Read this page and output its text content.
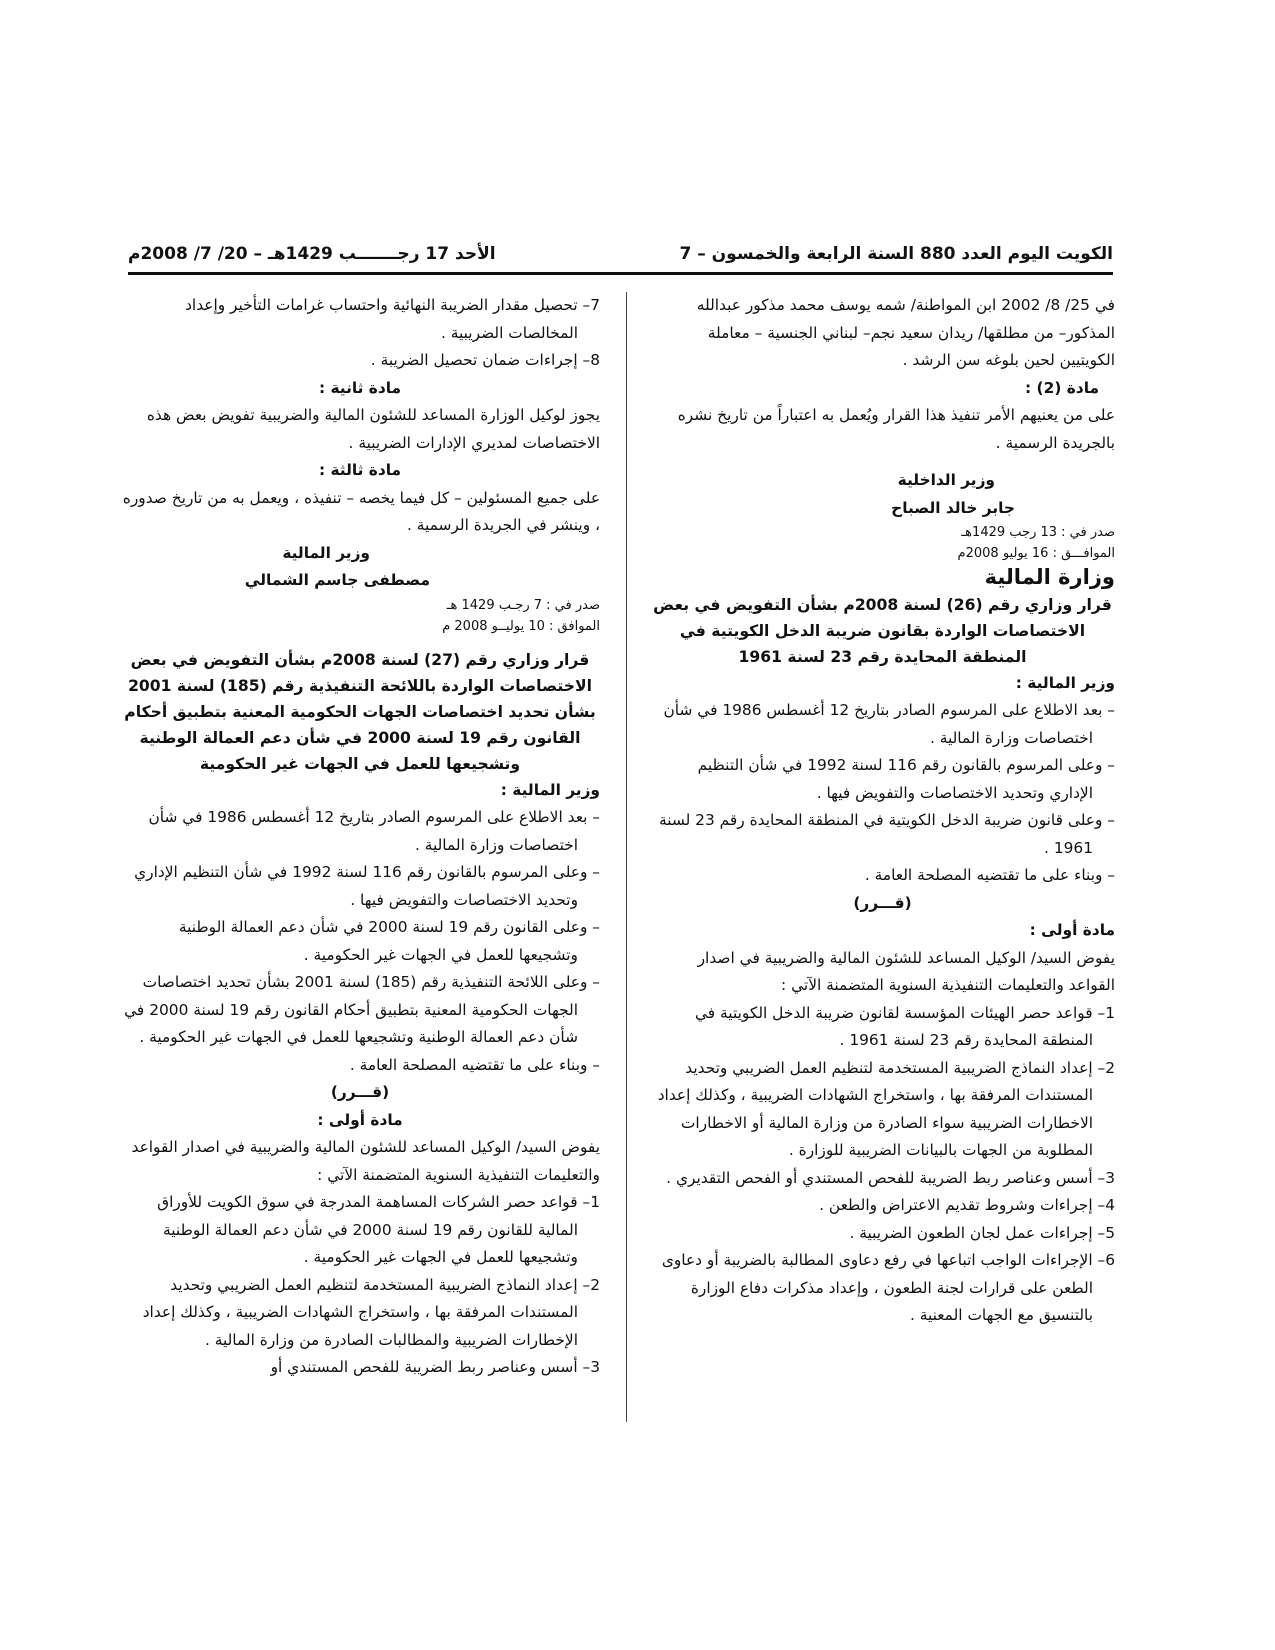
الكويت اليوم العدد 880 السنة الرابعة والخمسون – 7
الأحد 17 رجـــــــب 1429هـ – 20/ 7/ 2008م

في 25/ 8/ 2002 ابن المواطنة/ شمه يوسف محمد مذكور عبدالله المذكور– من مطلقها/ ريدان سعيد نجم– لبناني الجنسية – معاملة الكويتيين لحين بلوغه سن الرشد .

مادة (2) :

على من يعنيهم الأمر تنفيذ هذا القرار ويُعمل به اعتباراً من تاريخ نشره بالجريدة الرسمية .

وزير الداخلية

جابر خالد الصباح

صدر في : 13 رجب 1429هـ

الموافـــق : 16 يوليو 2008م

وزارة المالية

قرار وزاري رقم (26) لسنة 2008م بشأن التفويض في بعض الاختصاصات الواردة بقانون ضريبة الدخل الكويتية في المنطقة المحايدة رقم 23 لسنة 1961

وزير المالية :

– بعد الاطلاع على المرسوم الصادر بتاريخ 12 أغسطس 1986 في شأن اختصاصات وزارة المالية .

– وعلى المرسوم بالقانون رقم 116 لسنة 1992 في شأن التنظيم الإداري وتحديد الاختصاصات والتفويض فيها .

– وعلى قانون ضريبة الدخل الكويتية في المنطقة المحايدة رقم 23 لسنة 1961 .

– وبناء على ما تقتضيه المصلحة العامة .

(قـــرر)

مادة أولى :

يفوض السيد/ الوكيل المساعد للشئون المالية والضريبية في اصدار القواعد والتعليمات التنفيذية السنوية المتضمنة الآتي :

1– قواعد حصر الهيئات المؤسسة لقانون ضريبة الدخل الكويتية في المنطقة المحايدة رقم 23 لسنة 1961 .

2– إعداد النماذج الضريبية المستخدمة لتنظيم العمل الضريبي وتحديد المستندات المرفقة بها ، واستخراج الشهادات الضريبية ، وكذلك إعداد الاخطارات الضريبية سواء الصادرة من وزارة المالية أو الاخطارات المطلوبة من الجهات بالبيانات الضريبية للوزارة .

3– أسس وعناصر ربط الضريبة للفحص المستندي أو الفحص التقديري .

4– إجراءات وشروط تقديم الاعتراض والطعن .

5– إجراءات عمل لجان الطعون الضريبية .

6– الإجراءات الواجب اتباعها في رفع دعاوى المطالبة بالضريبة أو دعاوى الطعن على قرارات لجنة الطعون ، وإعداد مذكرات دفاع الوزارة بالتنسيق مع الجهات المعنية .

7– تحصيل مقدار الضريبة النهائية واحتساب غرامات التأخير وإعداد المخالصات الضريبية .

8– إجراءات ضمان تحصيل الضريبة .

مادة ثانية :

يجوز لوكيل الوزارة المساعد للشئون المالية والضريبية تفويض بعض هذه الاختصاصات لمديري الإدارات الضريبية .

مادة ثالثة :

على جميع المسئولين – كل فيما يخصه – تنفيذه ، ويعمل به من تاريخ صدوره ، وينشر في الجريدة الرسمية .

وزير المالية

مصطفى جاسم الشمالي

صدر في : 7 رجـب 1429 هـ

الموافق : 10 يوليــو 2008 م

قرار وزاري رقم (27) لسنة 2008م بشأن التفويض في بعض الاختصاصات الواردة باللائحة التنفيذية رقم (185) لسنة 2001 بشأن تحديد اختصاصات الجهات الحكومية المعنية بتطبيق أحكام القانون رقم 19 لسنة 2000 في شأن دعم العمالة الوطنية وتشجيعها للعمل في الجهات غير الحكومية

وزير المالية :

– بعد الاطلاع على المرسوم الصادر بتاريخ 12 أغسطس 1986 في شأن اختصاصات وزارة المالية .

– وعلى المرسوم بالقانون رقم 116 لسنة 1992 في شأن التنظيم الإداري وتحديد الاختصاصات والتفويض فيها .

– وعلى القانون رقم 19 لسنة 2000 في شأن دعم العمالة الوطنية وتشجيعها للعمل في الجهات غير الحكومية .

– وعلى اللائحة التنفيذية رقم (185) لسنة 2001 بشأن تحديد اختصاصات الجهات الحكومية المعنية بتطبيق أحكام القانون رقم 19 لسنة 2000 في شأن دعم العمالة الوطنية وتشجيعها للعمل في الجهات غير الحكومية .

– وبناء على ما تقتضيه المصلحة العامة .

(قـــرر)

مادة أولى :

يفوض السيد/ الوكيل المساعد للشئون المالية والضريبية في اصدار القواعد والتعليمات التنفيذية السنوية المتضمنة الآتي :

1– قواعد حصر الشركات المساهمة المدرجة في سوق الكويت للأوراق المالية للقانون رقم 19 لسنة 2000 في شأن دعم العمالة الوطنية وتشجيعها للعمل في الجهات غير الحكومية .

2– إعداد النماذج الضريبية المستخدمة لتنظيم العمل الضريبي وتحديد المستندات المرفقة بها ، واستخراج الشهادات الضريبية ، وكذلك إعداد الإخطارات الضريبية والمطالبات الصادرة من وزارة المالية .

3– أسس وعناصر ربط الضريبة للفحص المستندي أو
